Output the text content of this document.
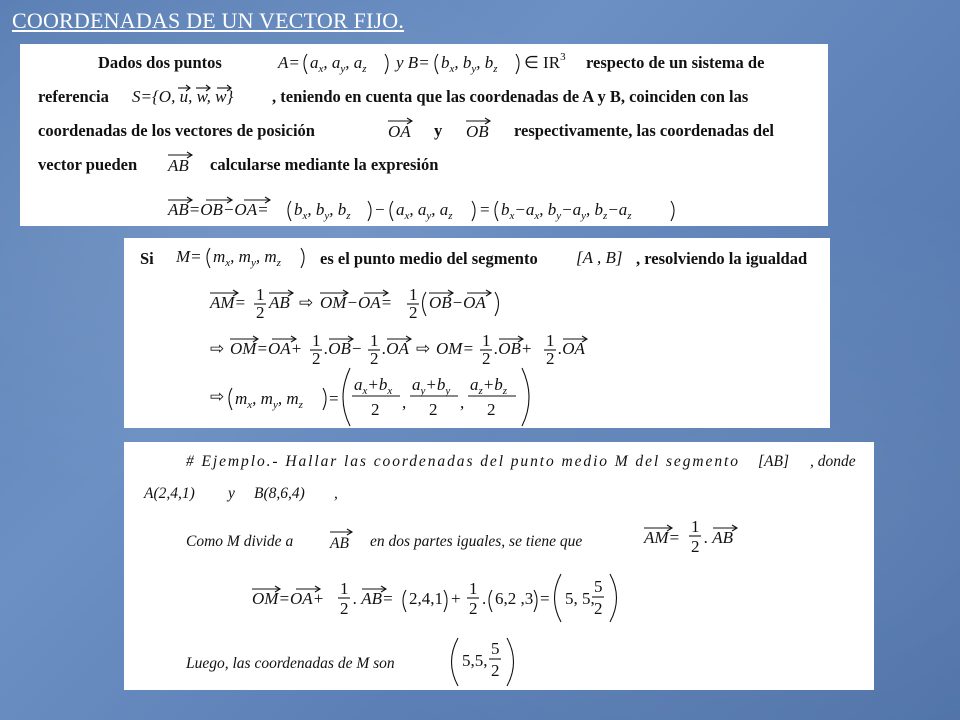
COORDENADAS DE UN VECTOR FIJO.
Dados dos puntos	$A= a_x$, $a_y$, $a_z$ y $B= b_x$, $b_y$, $b_z$ ∈ $IR^3$ respecto de un sistema de
referencia S={O, u, w, w} , teniendo en cuenta que las coordenadas de A y B, coinciden con las
coordenadas de los vectores de posición	OA y OB respectivamente, las coordenadas del
vector pueden AB calcularse mediante la expresión
$AB=OB-OA= b_x$, $b_y$, $b_z - a_x$, $a_y$, $a_z = b_x-a_x$, $b_y-a_y$, $b_z-a_z$
Si $M= m_x$, $m_y$, $m_z$ es el punto medio del segmento [A , B] , resolviendo la igualdad
AM= 1
2
AB ⇨ OM−OA= 1
2
OB−OA
⇨ OM=OA+ 1
2
.OB− 1
2
.OA ⇨ OM= 1
2
.OB+ 1
2
.OA
⇨ $m_x$, $m_y$, $m_z$ =
$a_x+b_x$
2 ,
$a_y+b_y$
2 ,
$a_z+b_z$
2
# Ejemplo.- Hallar las coordenadas del punto medio M del segmento [AB] , donde
A(2,4,1) y B(8,6,4) ,
Como M divide a AB en dos partes iguales, se tiene que	AM=
1
2 . AB
OM=OA+
1
2
. AB= 2,4,1 +
1
2
. 6,2 ,3 = 5, 5,
5
2
Luego, las coordenadas de M son	5,5,
5
2
